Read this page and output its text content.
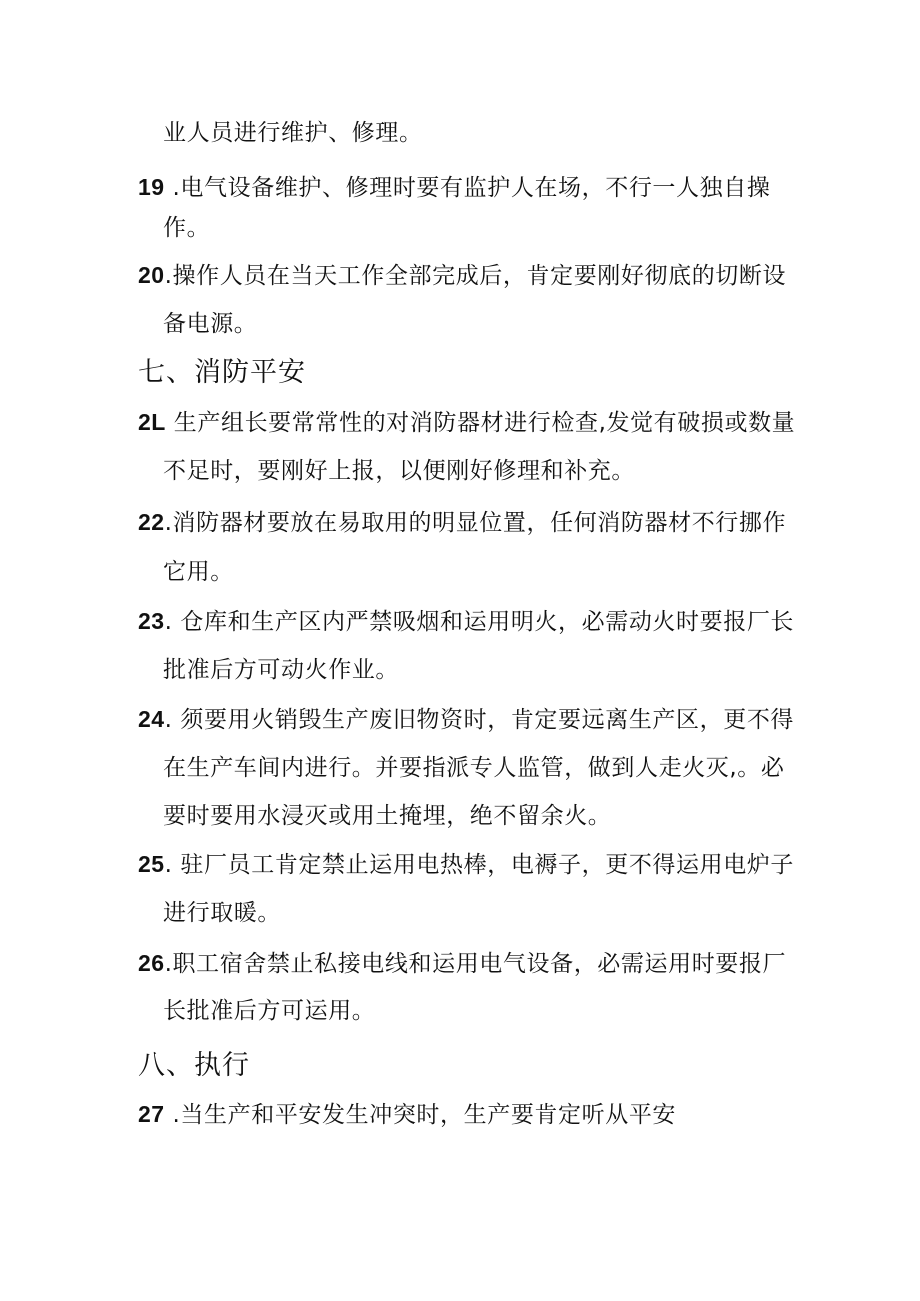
业人员进行维护、修理。
19 .电气设备维护、修理时要有监护人在场，不行一人独自操
作。
20.操作人员在当天工作全部完成后，肯定要刚好彻底的切断设
备电源。
七、消防平安
2L 生产组长要常常性的对消防器材进行检查,发觉有破损或数量
不足时，要刚好上报，以便刚好修理和补充。
22.消防器材要放在易取用的明显位置，任何消防器材不行挪作
它用。
23. 仓库和生产区内严禁吸烟和运用明火，必需动火时要报厂长
批准后方可动火作业。
24. 须要用火销毁生产废旧物资时，肯定要远离生产区，更不得
在生产车间内进行。并要指派专人监管，做到人走火灭,。必
要时要用水浸灭或用土掩埋，绝不留余火。
25. 驻厂员工肯定禁止运用电热棒，电褥子，更不得运用电炉子
进行取暖。
26.职工宿舍禁止私接电线和运用电气设备，必需运用时要报厂
长批准后方可运用。
八、执行
27 .当生产和平安发生冲突时，生产要肯定听从平安
